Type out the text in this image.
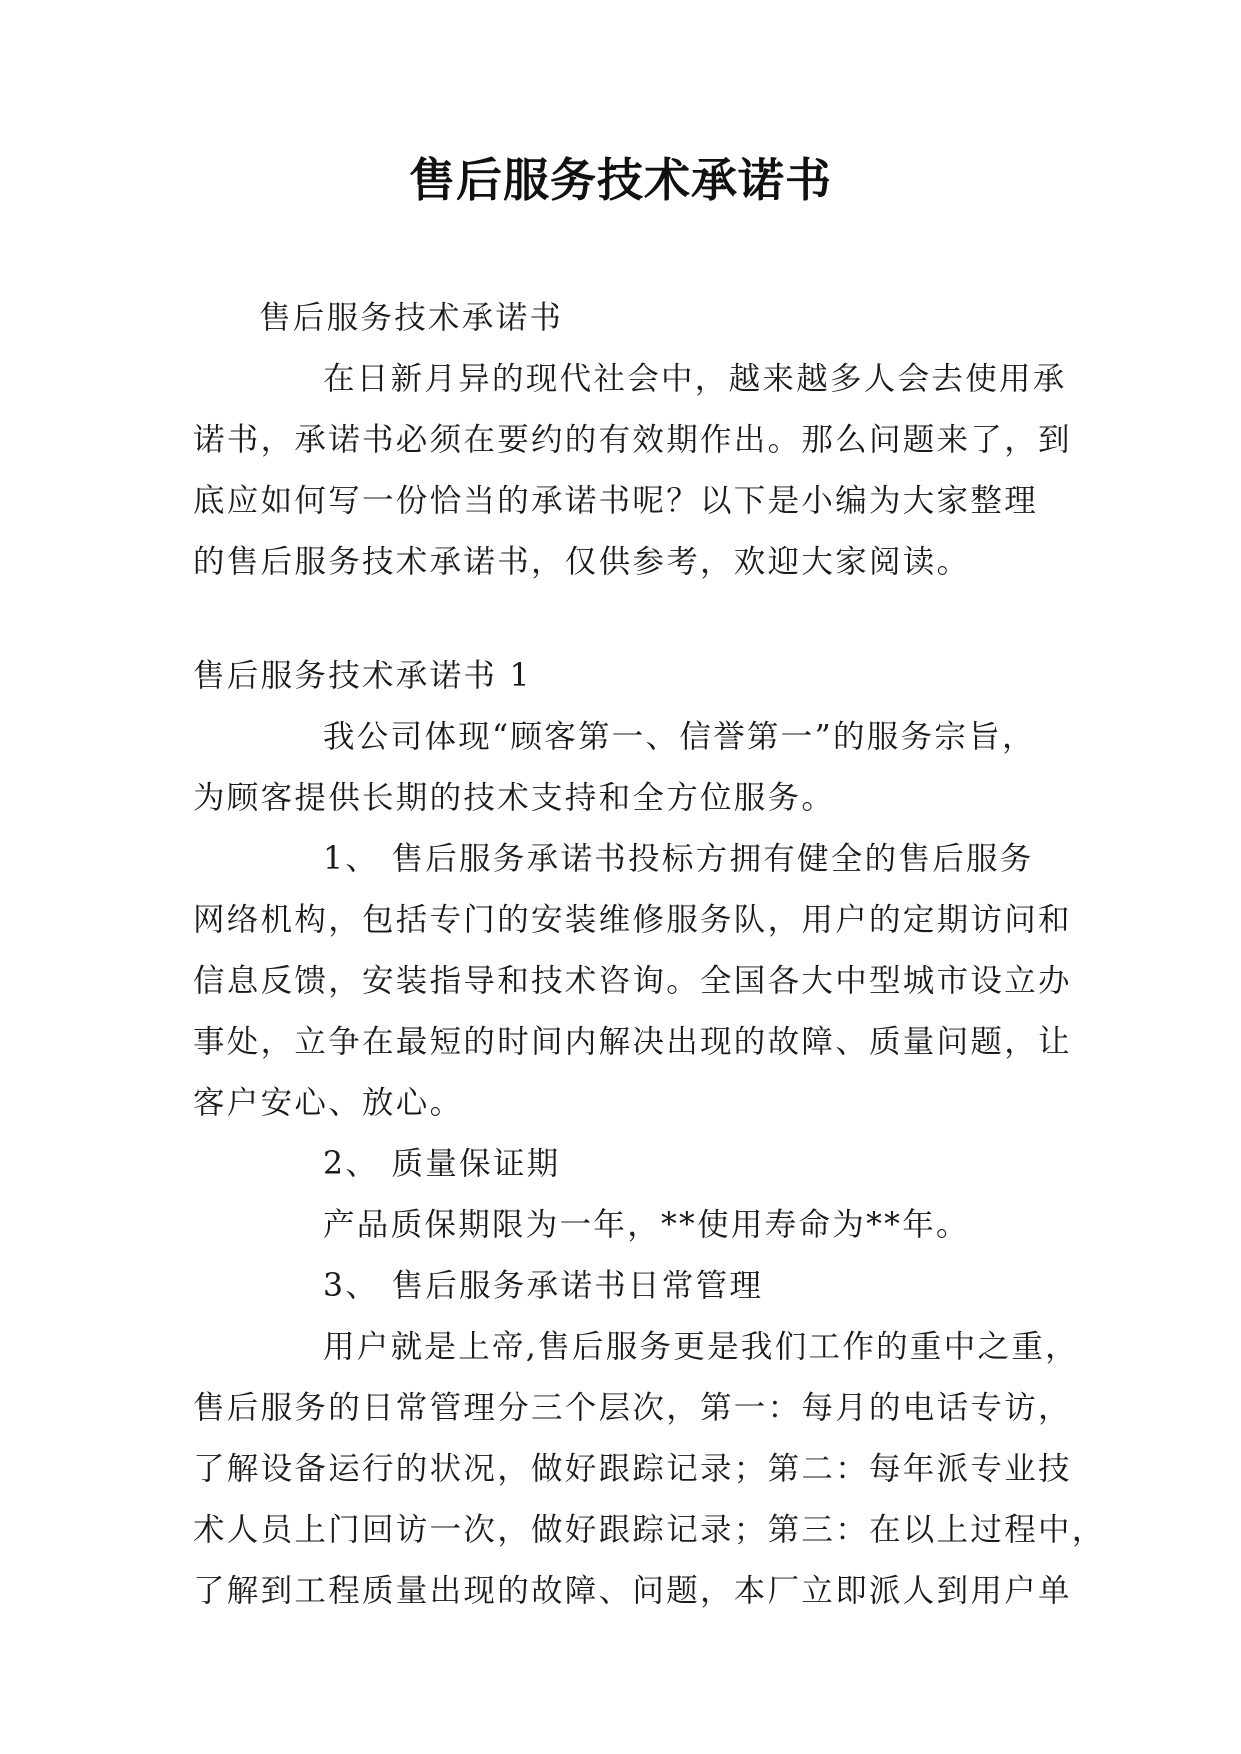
售后服务技术承诺书

售后服务技术承诺书

在日新月异的现代社会中，越来越多人会去使用承

诺书，承诺书必须在要约的有效期作出。那么问题来了，到

底应如何写一份恰当的承诺书呢？以下是小编为大家整理

的售后服务技术承诺书，仅供参考，欢迎大家阅读。

售后服务技术承诺书 1

我公司体现“顾客第一、信誉第一”的服务宗旨，

为顾客提供长期的技术支持和全方位服务。

1、 售后服务承诺书投标方拥有健全的售后服务

网络机构，包括专门的安装维修服务队，用户的定期访问和

信息反馈，安装指导和技术咨询。全国各大中型城市设立办

事处，立争在最短的时间内解决出现的故障、质量问题，让

客户安心、放心。

2、 质量保证期

产品质保期限为一年，**使用寿命为**年。

3、 售后服务承诺书日常管理

用户就是上帝,售后服务更是我们工作的重中之重，

售后服务的日常管理分三个层次，第一：每月的电话专访，

了解设备运行的状况，做好跟踪记录；第二：每年派专业技

术人员上门回访一次，做好跟踪记录；第三：在以上过程中，

了解到工程质量出现的故障、问题，本厂立即派人到用户单
